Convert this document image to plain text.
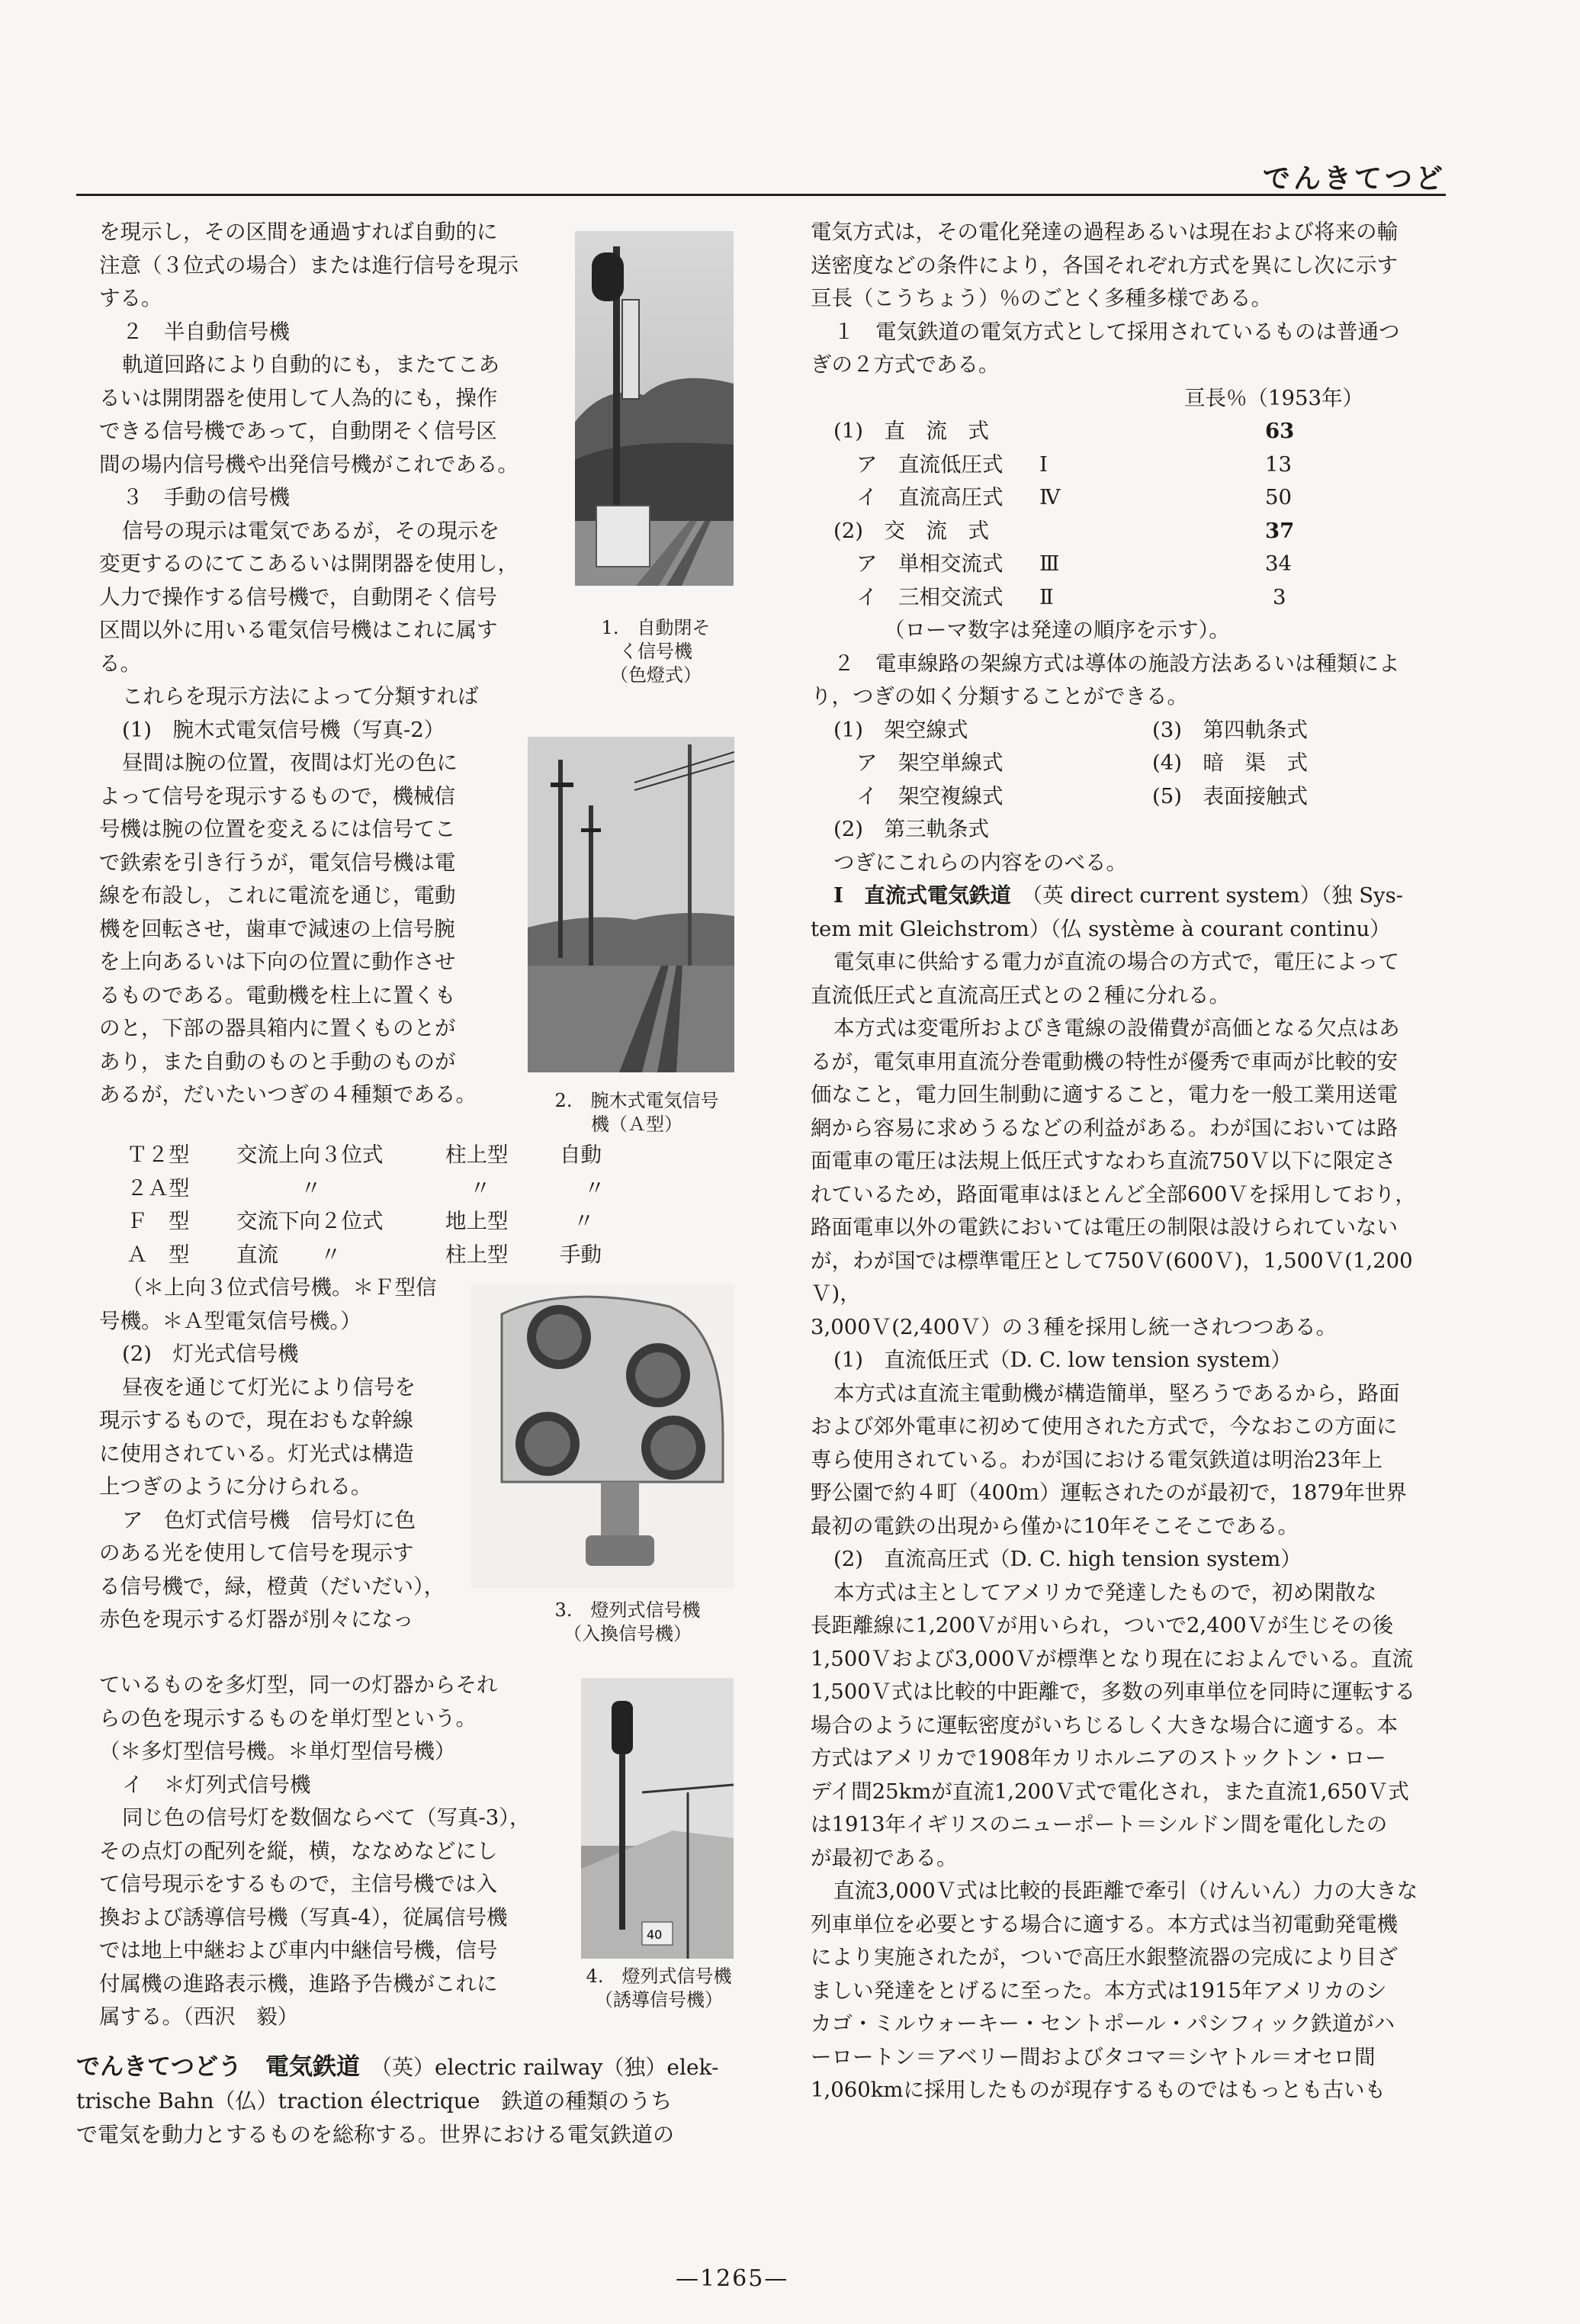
でんきてつど

を現示し，その区間を通過すれば自動的に

注意（３位式の場合）または進行信号を現示

する。

２　半自動信号機

軌道回路により自動的にも，またてこあ

るいは開閉器を使用して人為的にも，操作

できる信号機であって，自動閉そく信号区

間の場内信号機や出発信号機がこれである。

３　手動の信号機

信号の現示は電気であるが，その現示を

変更するのにてこあるいは開閉器を使用し，

人力で操作する信号機で，自動閉そく信号

区間以外に用いる電気信号機はこれに属す

る。

これらを現示方法によって分類すれば

(1)　腕木式電気信号機（写真-2）

昼間は腕の位置，夜間は灯光の色に

よって信号を現示するもので，機械信

号機は腕の位置を変えるには信号てこ

で鉄索を引き行うが，電気信号機は電

線を布設し，これに電流を通じ，電動

機を回転させ，歯車で減速の上信号腕

を上向あるいは下向の位置に動作させ

るものである。電動機を柱上に置くも

のと，下部の器具箱内に置くものとが

あり，また自動のものと手動のものが

あるが，だいたいつぎの４種類である。

Ｔ２型 交流上向３位式	柱上型 自動
２Ａ型	〃	〃	〃
Ｆ　型 交流下向２位式	地上型	〃
Ａ　型 直流　　〃	柱上型 手動

（＊上向３位式信号機。＊Ｆ型信

号機。＊Ａ型電気信号機。）

(2)　灯光式信号機

昼夜を通じて灯光により信号を

現示するもので，現在おもな幹線

に使用されている。灯光式は構造

上つぎのように分けられる。

ア　色灯式信号機　 信号灯に色

のある光を使用して信号を現示す

る信号機で，緑，橙黄（だいだい），

赤色を現示する灯器が別々になっ

ているものを多灯型，同一の灯器からそれ

らの色を現示するものを単灯型という。

（＊多灯型信号機。＊単灯型信号機）

イ　＊灯列式信号機

同じ色の信号灯を数個ならべて（写真-3），

その点灯の配列を縦，横，ななめなどにし

て信号現示をするもので，主信号機では入

換および誘導信号機（写真-4），従属信号機

では地上中継および車内中継信号機，信号

付属機の進路表示機，進路予告機がこれに

属する。（西沢　毅）

1.　自動閉そ
く信号機
（色燈式）
2.　腕木式電気信号
機（Ａ型）
3.　燈列式信号機
（入換信号機）
40
4.　燈列式信号機
（誘導信号機）

でんきてつどう　電気鉄道　 （英）electric railway（独）elek-

trische Bahn（仏）traction électrique　鉄道の種類のうち

で電気を動力とするものを総称する。世界における電気鉄道の

電気方式は，その電化発達の過程あるいは現在および将来の輸

送密度などの条件により，各国それぞれ方式を異にし次に示す

亘長（こうちょう）％のごとく多種多様である。

１　電気鉄道の電気方式として採用されているものは普通つ

ぎの２方式である。

亘長％（1953年）

(1)　直　流　式	63
ア　直流低圧式 Ⅰ	13
イ　直流高圧式 Ⅳ	50
(2)　交　流　式	37
ア　単相交流式 Ⅲ	34
イ　三相交流式 Ⅱ	3

（ローマ数字は発達の順序を示す）。

２　電車線路の架線方式は導体の施設方法あるいは種類によ

り，つぎの如く分類することができる。

(1)　架空線式	(3)　第四軌条式
ア　架空単線式	(4)　暗　渠　式
イ　架空複線式	(5)　表面接触式
(2)　第三軌条式

つぎにこれらの内容をのべる。

Ⅰ　直流式電気鉄道　 （英 direct current system）（独 Sys-

tem mit Gleichstrom）（仏 système à courant continu）

電気車に供給する電力が直流の場合の方式で，電圧によって

直流低圧式と直流高圧式との２種に分れる。

本方式は変電所およびき電線の設備費が高価となる欠点はあ

るが，電気車用直流分巻電動機の特性が優秀で車両が比較的安

価なこと，電力回生制動に適すること，電力を一般工業用送電

網から容易に求めうるなどの利益がある。わが国においては路

面電車の電圧は法規上低圧式すなわち直流750Ｖ以下に限定さ

れているため，路面電車はほとんど全部600Ｖを採用しており，

路面電車以外の電鉄においては電圧の制限は設けられていない

が，わが国では標準電圧として750Ｖ(600Ｖ)，1,500Ｖ(1,200Ｖ)，

3,000Ｖ(2,400Ｖ）の３種を採用し統一されつつある。

(1)　直流低圧式（D. C. low tension system）

本方式は直流主電動機が構造簡単，堅ろうであるから，路面

および郊外電車に初めて使用された方式で，今なおこの方面に

専ら使用されている。わが国における電気鉄道は明治23年上

野公園で約４町（400ｍ）運転されたのが最初で，1879年世界

最初の電鉄の出現から僅かに10年そこそこである。

(2)　直流高圧式（D. C. high tension system）

本方式は主としてアメリカで発達したもので，初め閑散な

長距離線に1,200Ｖが用いられ，ついで2,400Ｖが生じその後

1,500Ｖおよび3,000Ｖが標準となり現在におよんでいる。直流

1,500Ｖ式は比較的中距離で，多数の列車単位を同時に運転する

場合のように運転密度がいちじるしく大きな場合に適する。本

方式はアメリカで1908年カリホルニアのストックトン・ロー

デイ間25kmが直流1,200Ｖ式で電化され，また直流1,650Ｖ式

は1913年イギリスのニューポート＝シルドン間を電化したの

が最初である。

直流3,000Ｖ式は比較的長距離で牽引（けんいん）力の大きな

列車単位を必要とする場合に適する。本方式は当初電動発電機

により実施されたが，ついで高圧水銀整流器の完成により目ざ

ましい発達をとげるに至った。本方式は1915年アメリカのシ

カゴ・ミルウォーキー・セントポール・パシフィック鉄道がハ

ーロートン＝アベリー間およびタコマ＝シヤトル＝オセロ間

1,060kmに採用したものが現存するものではもっとも古いも

—1265—
